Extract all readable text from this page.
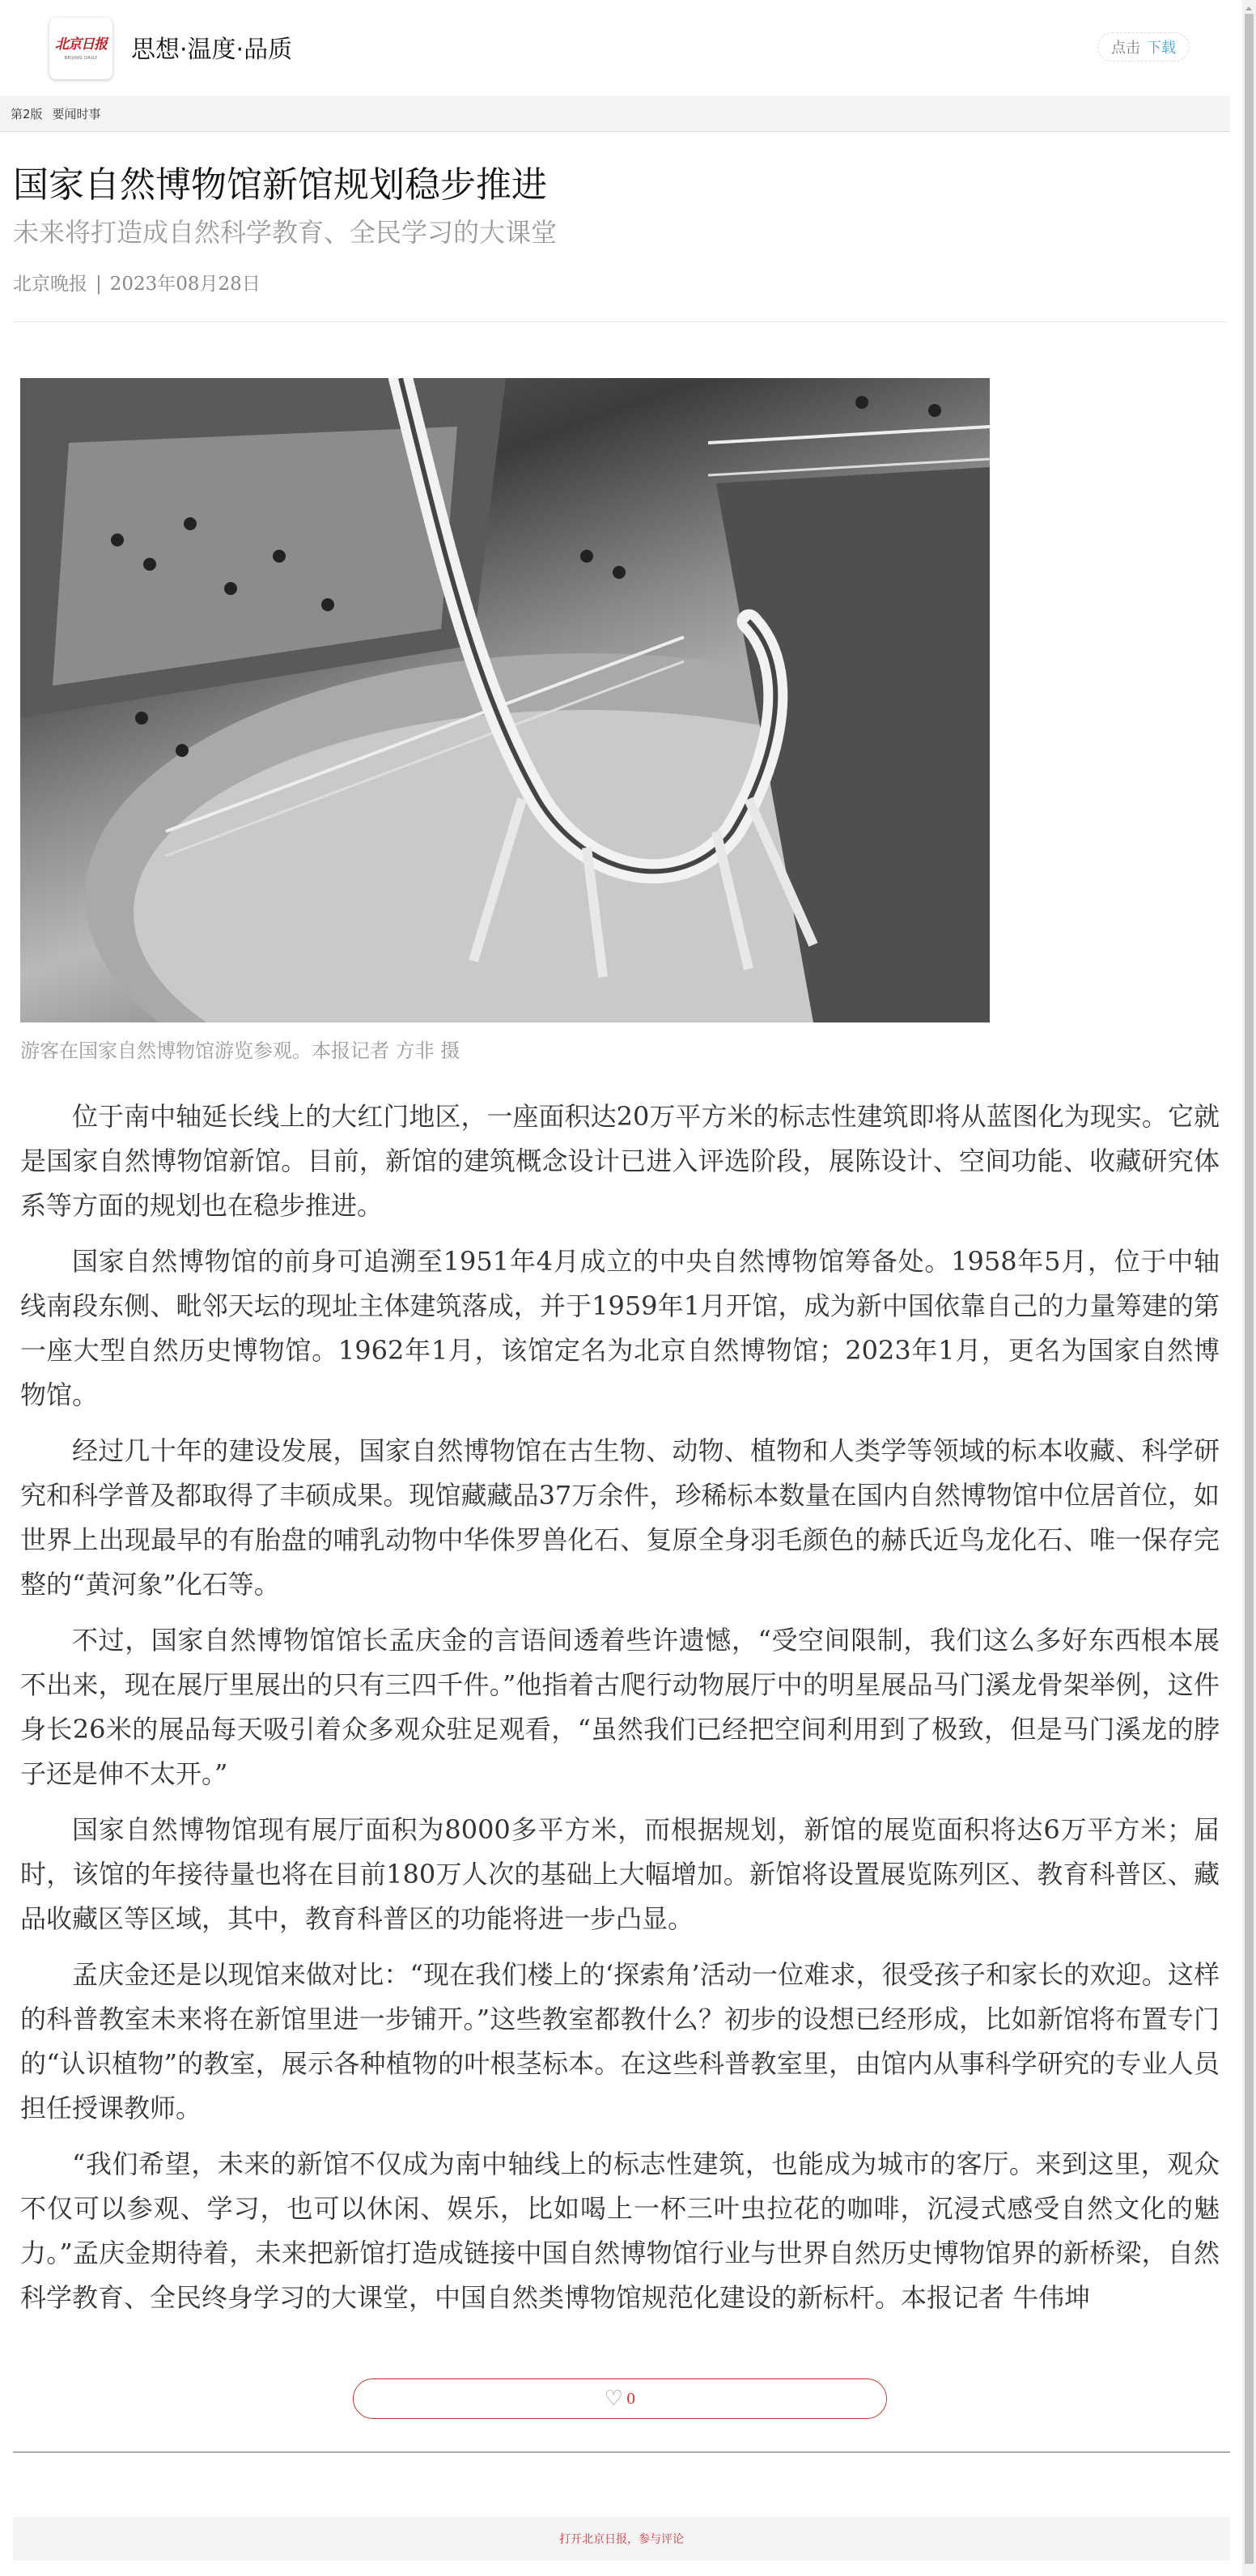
北京日报
BEIJING DAILY 思想·温度·品质	点击 下载
第2版 要闻时事
国家自然博物馆新馆规划稳步推进
未来将打造成自然科学教育、全民学习的大课堂
北京晚报 | 2023年08月28日
游客在国家自然博物馆游览参观。本报记者 方非 摄

位于南中轴延长线上的大红门地区，一座面积达20万平方米的标志性建筑即将从蓝图化为现实。它就是国家自然博物馆新馆。目前，新馆的建筑概念设计已进入评选阶段，展陈设计、空间功能、收藏研究体系等方面的规划也在稳步推进。

国家自然博物馆的前身可追溯至1951年4月成立的中央自然博物馆筹备处。1958年5月，位于中轴线南段东侧、毗邻天坛的现址主体建筑落成，并于1959年1月开馆，成为新中国依靠自己的力量筹建的第一座大型自然历史博物馆。1962年1月，该馆定名为北京自然博物馆；2023年1月，更名为国家自然博物馆。

经过几十年的建设发展，国家自然博物馆在古生物、动物、植物和人类学等领域的标本收藏、科学研究和科学普及都取得了丰硕成果。现馆藏藏品37万余件，珍稀标本数量在国内自然博物馆中位居首位，如世界上出现最早的有胎盘的哺乳动物中华侏罗兽化石、复原全身羽毛颜色的赫氏近鸟龙化石、唯一保存完整的“黄河象”化石等。

不过，国家自然博物馆馆长孟庆金的言语间透着些许遗憾，“受空间限制，我们这么多好东西根本展不出来，现在展厅里展出的只有三四千件。”他指着古爬行动物展厅中的明星展品马门溪龙骨架举例，这件身长26米的展品每天吸引着众多观众驻足观看，“虽然我们已经把空间利用到了极致，但是马门溪龙的脖子还是伸不太开。”

国家自然博物馆现有展厅面积为8000多平方米，而根据规划，新馆的展览面积将达6万平方米；届时，该馆的年接待量也将在目前180万人次的基础上大幅增加。新馆将设置展览陈列区、教育科普区、藏品收藏区等区域，其中，教育科普区的功能将进一步凸显。

孟庆金还是以现馆来做对比：“现在我们楼上的‘探索角’活动一位难求，很受孩子和家长的欢迎。这样的科普教室未来将在新馆里进一步铺开。”这些教室都教什么？初步的设想已经形成，比如新馆将布置专门的“认识植物”的教室，展示各种植物的叶根茎标本。在这些科普教室里，由馆内从事科学研究的专业人员担任授课教师。

“我们希望，未来的新馆不仅成为南中轴线上的标志性建筑，也能成为城市的客厅。来到这里，观众不仅可以参观、学习，也可以休闲、娱乐，比如喝上一杯三叶虫拉花的咖啡，沉浸式感受自然文化的魅力。”孟庆金期待着，未来把新馆打造成链接中国自然博物馆行业与世界自然历史博物馆界的新桥梁，自然科学教育、全民终身学习的大课堂，中国自然类博物馆规范化建设的新标杆。本报记者 牛伟坤

♡ 0
打开北京日报，参与评论
